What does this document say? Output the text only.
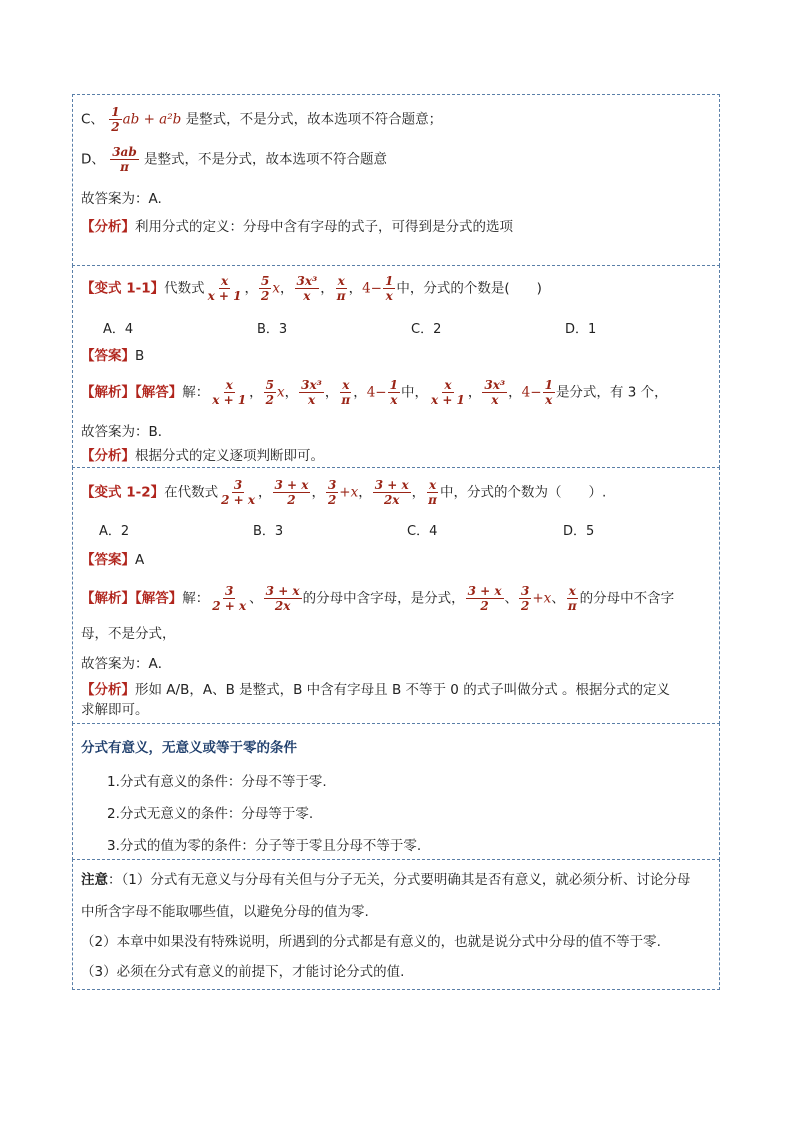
C、 $\frac{1}{2}$ ab + a²b 是整式，不是分式，故本选项不符合题意；
D、 $\frac{3ab}{\pi}$ 是整式，不是分式，故本选项不符合题意
故答案为：A.
【分析】利用分式的定义：分母中含有字母的式子，可得到是分式的选项
【变式 1-1】代数式 $\frac{x}{x + 1}$ ， $\frac{5}{2}$ x， $\frac{\text{3x³}}{x}$ ， $\frac{x}{\pi}$ ，$4- \frac{1}{x}$ 中，分式的个数是(　　)
A．4	B．3	C．2	D．1
【答案】B
【解析】【解答】解： $\frac{x}{x + 1}$ ， $\frac{5}{2}$ x， $\frac{\text{3x³}}{x}$ ， $\frac{x}{\pi}$ ，$4- \frac{1}{x}$ 中， $\frac{x}{x + 1}$ ， $\frac{\text{3x³}}{x}$ ，$4- \frac{1}{x}$ 是分式，有 3 个，
故答案为：B．
【分析】根据分式的定义逐项判断即可。
【变式 1-2】在代数式 $\frac{3}{2 + x}$ ， $\frac{3 + x}{2}$ ， $\frac{3}{2} +x$， $\frac{3 + x}{2x}$ ， $\frac{x}{\pi}$ 中，分式的个数为（　　）.
A．2	B．3	C．4	D．5
【答案】A
【解析】【解答】解： $\frac{3}{2 + x}$ 、 $\frac{3 + x}{2x}$ 的分母中含字母，是分式， $\frac{3 + x}{2}$ 、 $\frac{3}{2} +x$、 $\frac{x}{\pi}$ 的分母中不含字
母，不是分式，
故答案为：A．
【分析】形如 A/B，A、B 是整式，B 中含有字母且 B 不等于 0 的式子叫做分式 。根据分式的定义
求解即可。
分式有意义，无意义或等于零的条件
1.分式有意义的条件：分母不等于零.
2.分式无意义的条件：分母等于零.
3.分式的值为零的条件：分子等于零且分母不等于零.
注意：（1）分式有无意义与分母有关但与分子无关，分式要明确其是否有意义，就必须分析、讨论分母
中所含字母不能取哪些值，以避免分母的值为零.
（2）本章中如果没有特殊说明，所遇到的分式都是有意义的，也就是说分式中分母的值不等于零.
（3）必须在分式有意义的前提下，才能讨论分式的值.
